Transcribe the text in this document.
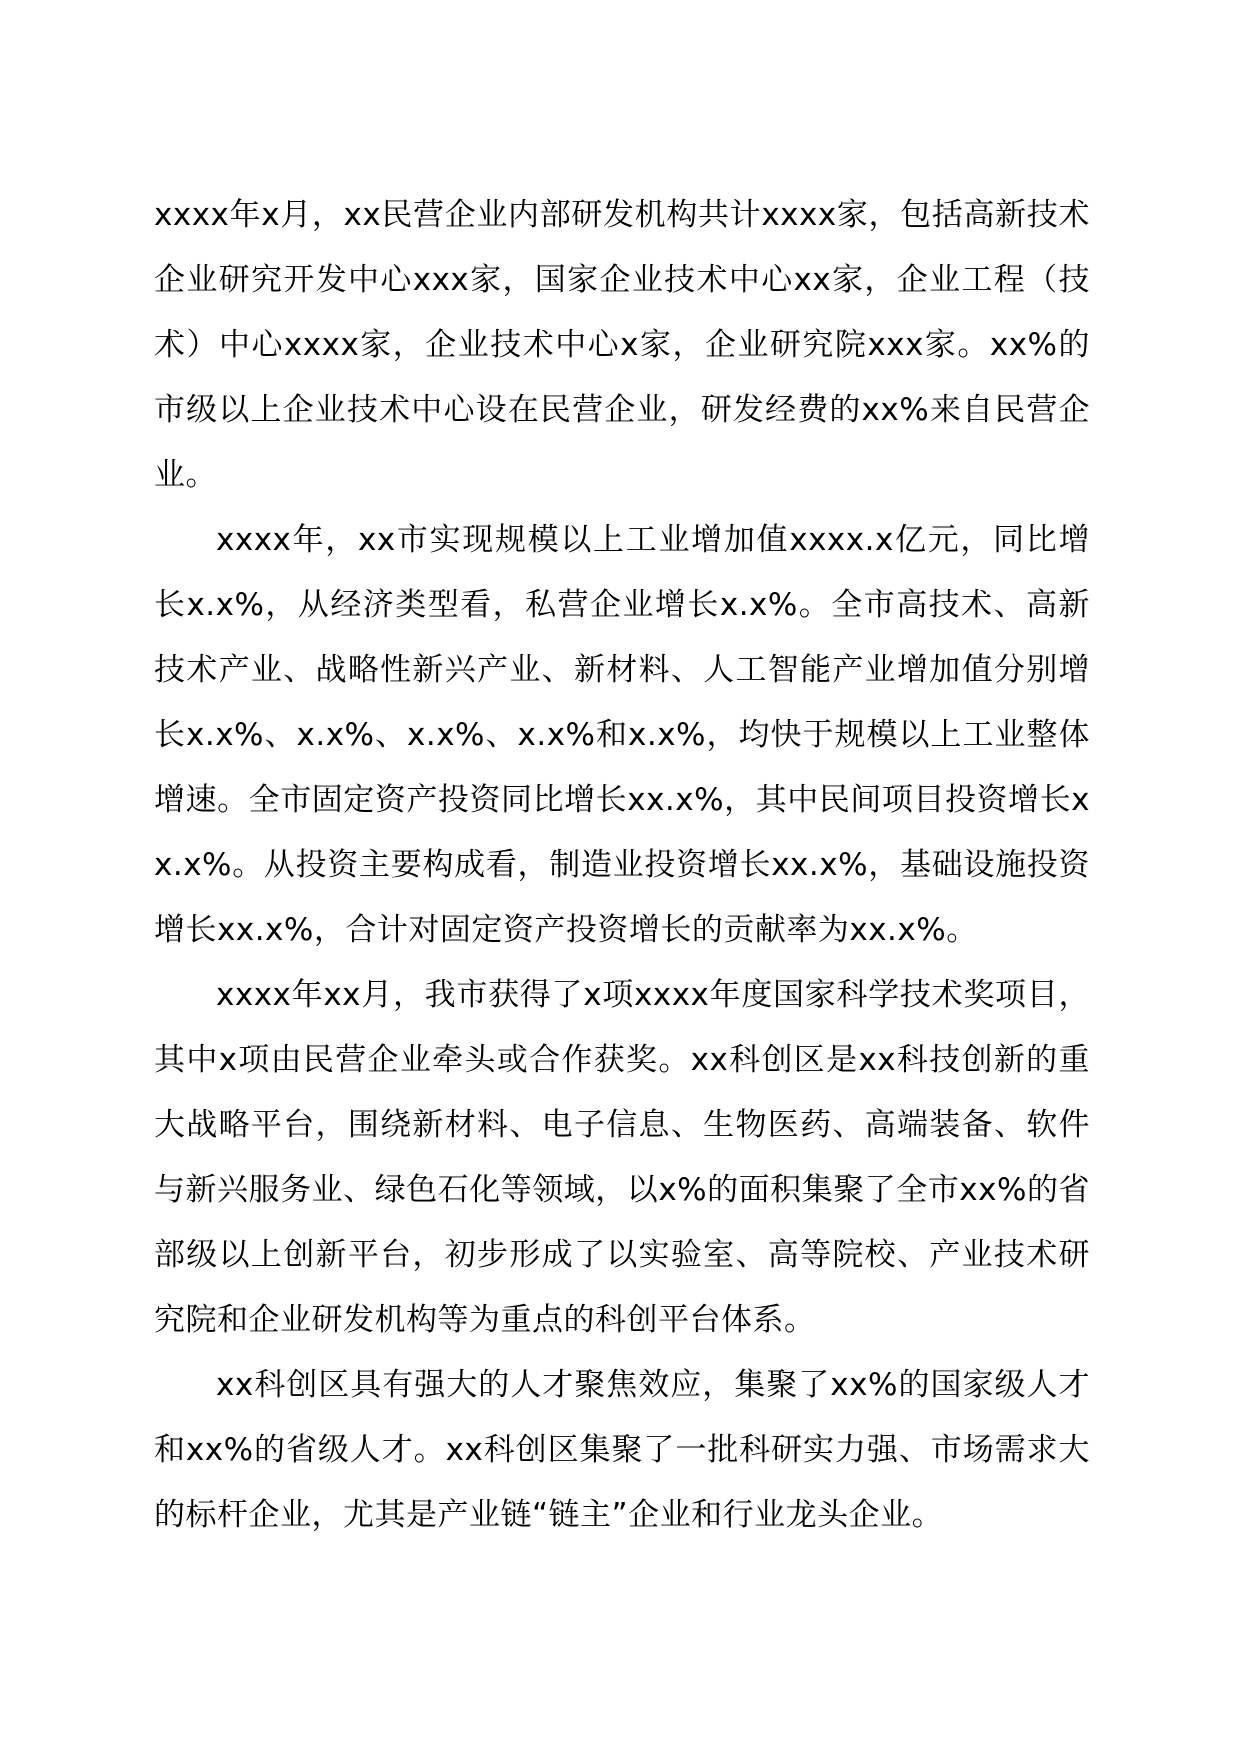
xxxx年x月，xx民营企业内部研发机构共计xxxx家，包括高新技术企业研究开发中心xxx家，国家企业技术中心xx家，企业工程（技术）中心xxxx家，企业技术中心x家，企业研究院xxx家。xx%的市级以上企业技术中心设在民营企业，研发经费的xx%来自民营企业。

xxxx年，xx市实现规模以上工业增加值xxxx.x亿元，同比增长x.x%，从经济类型看，私营企业增长x.x%。全市高技术、高新技术产业、战略性新兴产业、新材料、人工智能产业增加值分别增长x.x%、x.x%、x.x%、x.x%和x.x%，均快于规模以上工业整体增速。全市固定资产投资同比增长xx.x%，其中民间项目投资增长xx.x%。从投资主要构成看，制造业投资增长xx.x%，基础设施投资增长xx.x%，合计对固定资产投资增长的贡献率为xx.x%。

xxxx年xx月，我市获得了x项xxxx年度国家科学技术奖项目，其中x项由民营企业牵头或合作获奖。xx科创区是xx科技创新的重大战略平台，围绕新材料、电子信息、生物医药、高端装备、软件与新兴服务业、绿色石化等领域，以x%的面积集聚了全市xx%的省部级以上创新平台，初步形成了以实验室、高等院校、产业技术研究院和企业研发机构等为重点的科创平台体系。

xx科创区具有强大的人才聚焦效应，集聚了xx%的国家级人才和xx%的省级人才。xx科创区集聚了一批科研实力强、市场需求大的标杆企业，尤其是产业链“链主”企业和行业龙头企业。
